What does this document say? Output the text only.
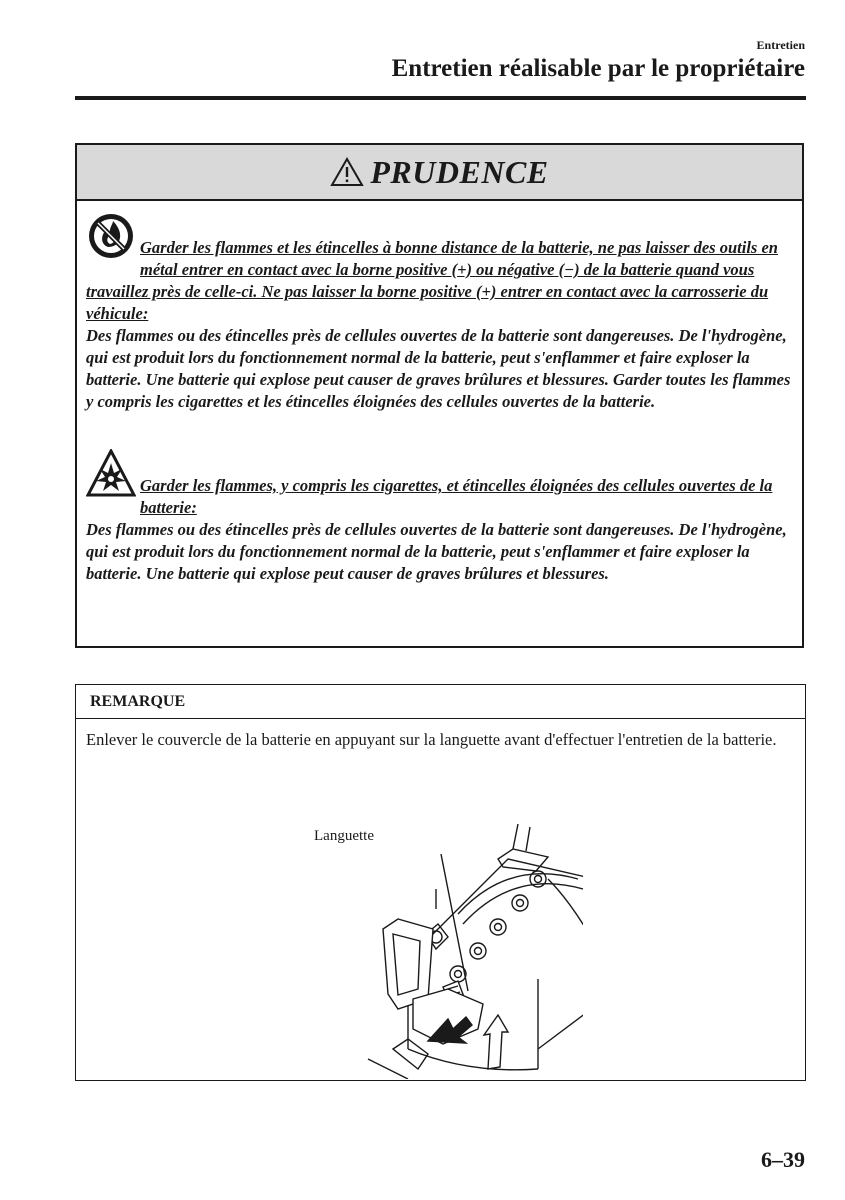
Entretien
Entretien réalisable par le propriétaire
PRUDENCE
Garder les flammes et les étincelles à bonne distance de la batterie, ne pas laisser des outils en métal entrer en contact avec la borne positive (+) ou négative (−) de la batterie quand vous travaillez près de celle-ci. Ne pas laisser la borne positive (+) entrer en contact avec la carrosserie du véhicule:
Des flammes ou des étincelles près de cellules ouvertes de la batterie sont dangereuses. De l'hydrogène, qui est produit lors du fonctionnement normal de la batterie, peut s'enflammer et faire exploser la batterie. Une batterie qui explose peut causer de graves brûlures et blessures. Garder toutes les flammes y compris les cigarettes et les étincelles éloignées des cellules ouvertes de la batterie.
Garder les flammes, y compris les cigarettes, et étincelles éloignées des cellules ouvertes de la batterie:
Des flammes ou des étincelles près de cellules ouvertes de la batterie sont dangereuses. De l'hydrogène, qui est produit lors du fonctionnement normal de la batterie, peut s'enflammer et faire exploser la batterie. Une batterie qui explose peut causer de graves brûlures et blessures.
REMARQUE
Enlever le couvercle de la batterie en appuyant sur la languette avant d'effectuer l'entretien de la batterie.
Languette
6–39
